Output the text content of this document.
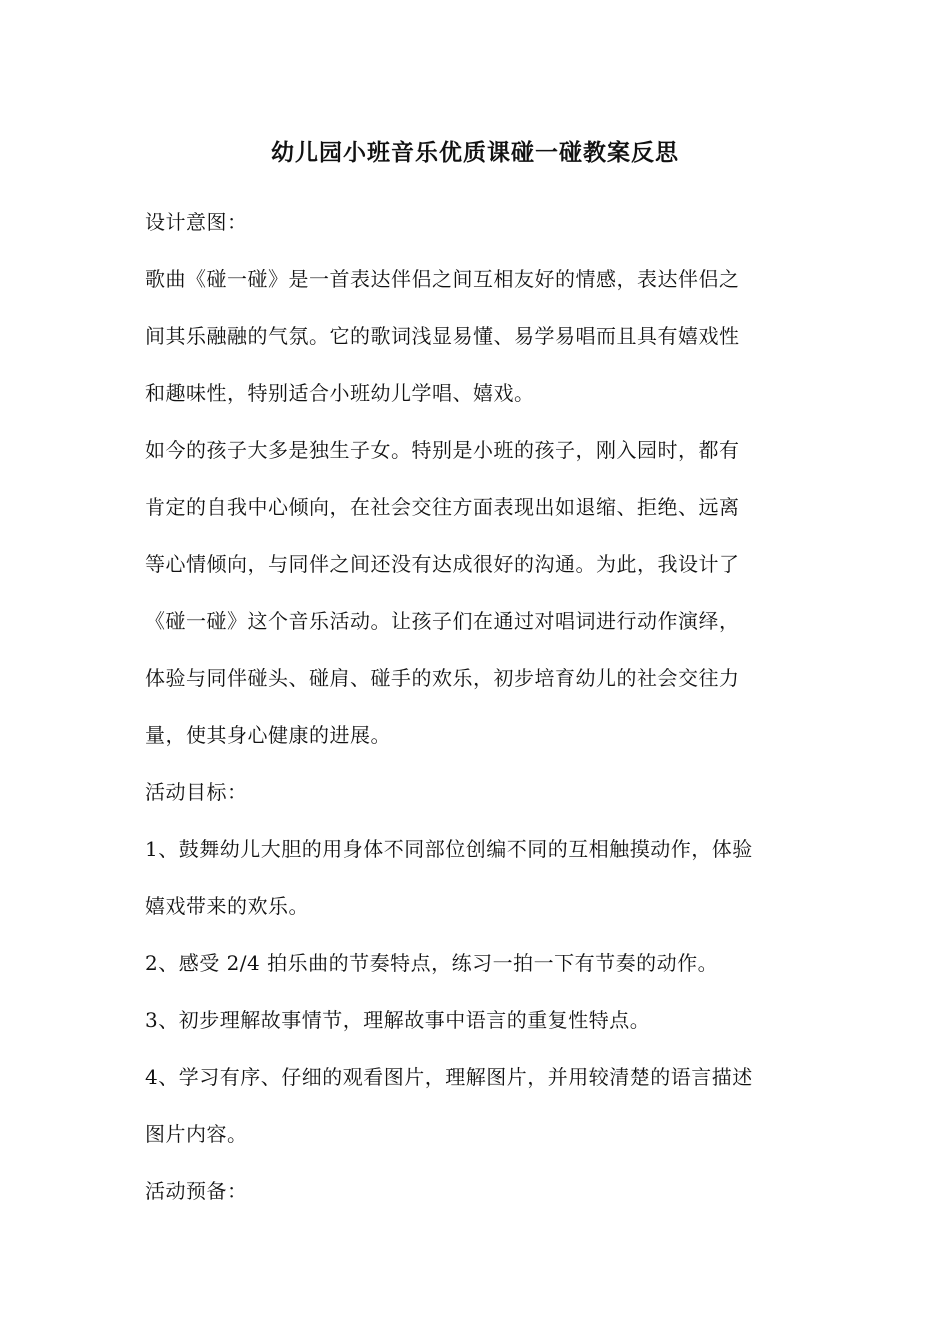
幼儿园小班音乐优质课碰一碰教案反思
设计意图：
歌曲《碰一碰》是一首表达伴侣之间互相友好的情感，表达伴侣之
间其乐融融的气氛。它的歌词浅显易懂、易学易唱而且具有嬉戏性
和趣味性，特别适合小班幼儿学唱、嬉戏。
如今的孩子大多是独生子女。特别是小班的孩子，刚入园时，都有
肯定的自我中心倾向，在社会交往方面表现出如退缩、拒绝、远离
等心情倾向，与同伴之间还没有达成很好的沟通。为此，我设计了
《碰一碰》这个音乐活动。让孩子们在通过对唱词进行动作演绎，
体验与同伴碰头、碰肩、碰手的欢乐，初步培育幼儿的社会交往力
量，使其身心健康的进展。
活动目标：
1、鼓舞幼儿大胆的用身体不同部位创编不同的互相触摸动作，体验
嬉戏带来的欢乐。
2、感受 2/4 拍乐曲的节奏特点，练习一拍一下有节奏的动作。
3、初步理解故事情节，理解故事中语言的重复性特点。
4、学习有序、仔细的观看图片，理解图片，并用较清楚的语言描述
图片内容。
活动预备：
